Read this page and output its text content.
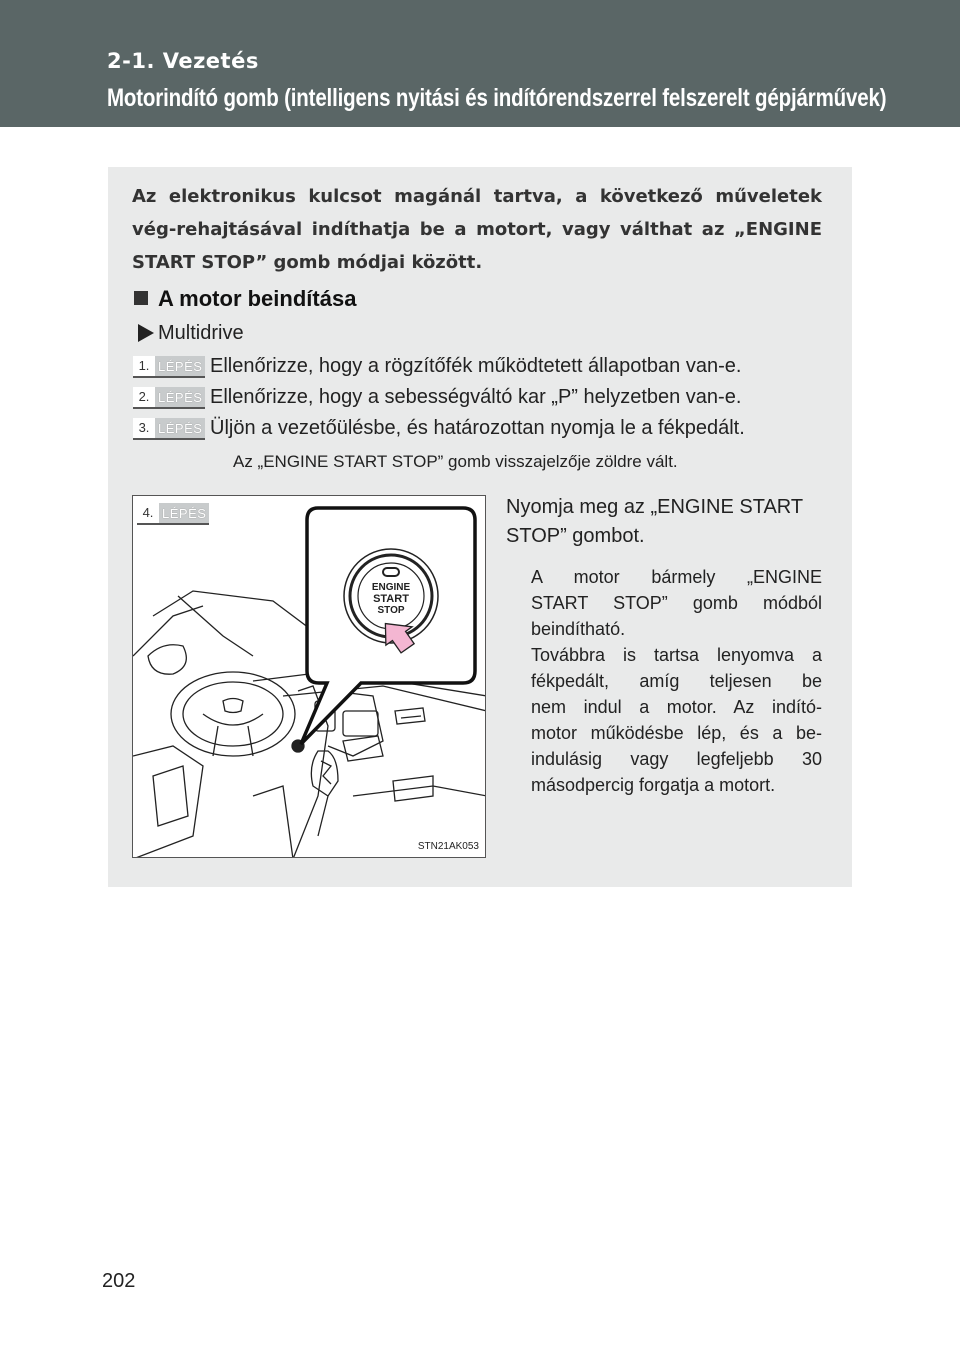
2-1. Vezetés
Motorindító gomb (intelligens nyitási és indítórendszerrel felszerelt gépjárművek)
Az elektronikus kulcsot magánál tartva, a következő műveletek vég-rehajtásával indíthatja be a motort, vagy válthat az „ENGINE START STOP” gomb módjai között.
A motor beindítása
Multidrive
1. LÉPÉS Ellenőrizze, hogy a rögzítőfék működtetett állapotban van-e.
2. LÉPÉS Ellenőrizze, hogy a sebességváltó kar „P” helyzetben van-e.
3. LÉPÉS Üljön a vezetőülésbe, és határozottan nyomja le a fékpedált.
Az „ENGINE START STOP” gomb visszajelzője zöldre vált.
4. LÉPÉS
ENGINE
START
STOP
STN21AK053
Nyomja meg az „ENGINE START STOP” gombot.

A motor bármely „ENGINE

START STOP” gomb módból

beindítható.

Továbbra is tartsa lenyomva a

fékpedált, amíg teljesen be

nem indul a motor. Az indító-

motor működésbe lép, és a be-

indulásig vagy legfeljebb 30

másodpercig forgatja a motort.

202
